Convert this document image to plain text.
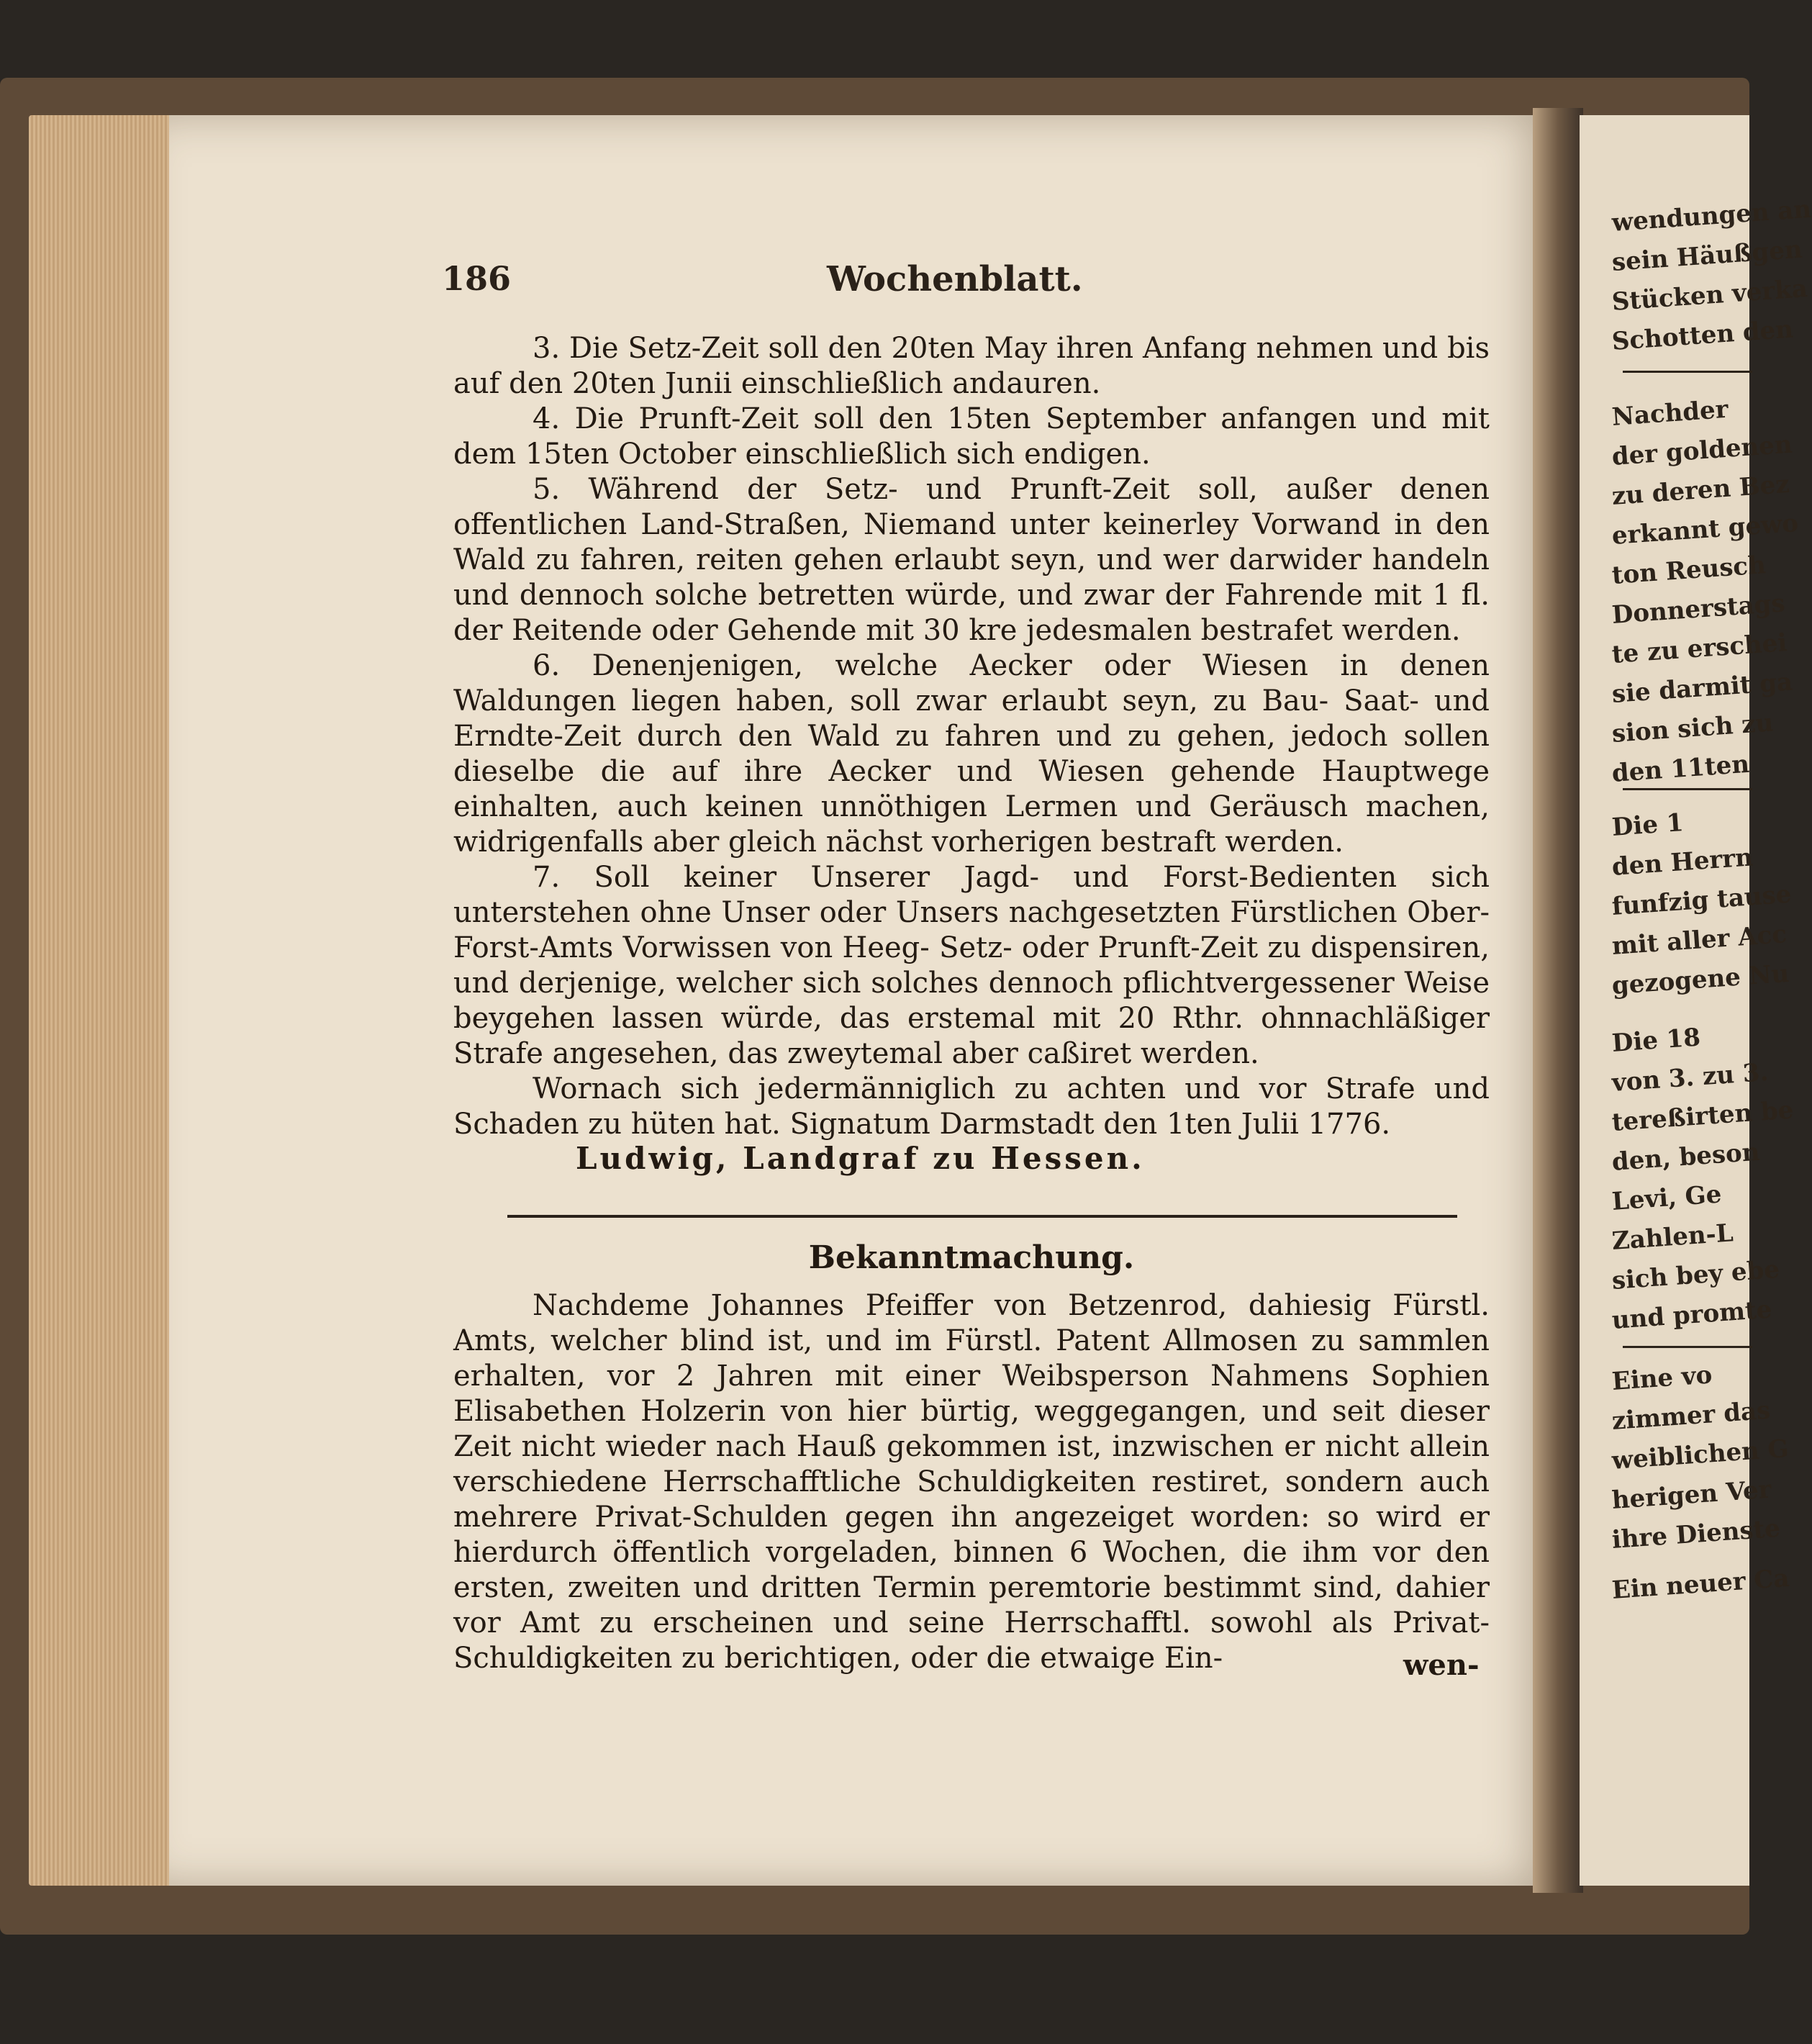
186	Wochenblatt.

3. Die Setz-Zeit soll den 20ten May ihren Anfang nehmen und bis auf den 20ten Junii einschließlich andauren.

4. Die Prunft-Zeit soll den 15ten September anfangen und mit dem 15ten October einschließlich sich endigen.

5. Während der Setz- und Prunft-Zeit soll, außer denen offentlichen Land-Straßen, Niemand unter keinerley Vorwand in den Wald zu fahren, reiten gehen erlaubt seyn, und wer darwider handeln und dennoch solche betretten würde, und zwar der Fahrende mit 1 fl. der Reitende oder Gehende mit 30 kre jedesmalen bestrafet werden.

6. Denenjenigen, welche Aecker oder Wiesen in denen Waldungen liegen haben, soll zwar erlaubt seyn, zu Bau- Saat- und Erndte-Zeit durch den Wald zu fahren und zu gehen, jedoch sollen dieselbe die auf ihre Aecker und Wiesen gehende Hauptwege einhalten, auch keinen unnöthigen Lermen und Geräusch machen, widrigenfalls aber gleich nächst vorherigen bestraft werden.

7. Soll keiner Unserer Jagd- und Forst-Bedienten sich unterstehen ohne Unser oder Unsers nachgesetzten Fürstlichen Ober-Forst-Amts Vorwissen von Heeg- Setz- oder Prunft-Zeit zu dispensiren, und derjenige, welcher sich solches dennoch pflichtvergessener Weise beygehen lassen würde, das erstemal mit 20 Rthr. ohnnachläßiger Strafe angesehen, das zweytemal aber caßiret werden.

Wornach sich jedermänniglich zu achten und vor Strafe und Schaden zu hüten hat. Signatum Darmstadt den 1ten Julii 1776.

Ludwig, Landgraf zu Hessen.
Bekanntmachung.

Nachdeme Johannes Pfeiffer von Betzenrod, dahiesig Fürstl. Amts, welcher blind ist, und im Fürstl. Patent Allmosen zu sammlen erhalten, vor 2 Jahren mit einer Weibsperson Nahmens Sophien Elisabethen Holzerin von hier bürtig, weggegangen, und seit dieser Zeit nicht wieder nach Hauß gekommen ist, inzwischen er nicht allein verschiedene Herrschafftliche Schuldigkeiten restiret, sondern auch mehrere Privat-Schulden gegen ihn angezeiget worden: so wird er hierdurch öffentlich vorgeladen, binnen 6 Wochen, die ihm vor den ersten, zweiten und dritten Termin peremtorie bestimmt sind, dahier vor Amt zu erscheinen und seine Herrschafftl. sowohl als Privat-Schuldigkeiten zu berichtigen, oder die etwaige Ein-	wen-
wendungen an
sein Häußgen
Stücken verka
Schotten den
Nachder
der goldenen
zu deren Bez
erkannt gewo
ton Reusch
Donnerstags
te zu erschei
sie darmit ga
sion sich zu
den 11ten
Die 1
den Herrn
funfzig tause
mit aller Acc
gezogene Nu
Die 18
von 3. zu 3.
tereßirten be
den, beson
Levi, Ge
Zahlen-L
sich bey ebe
und promte
Eine vo
zimmer das
weiblichen G
herigen Ver
ihre Dienste
Ein neuer Ca
